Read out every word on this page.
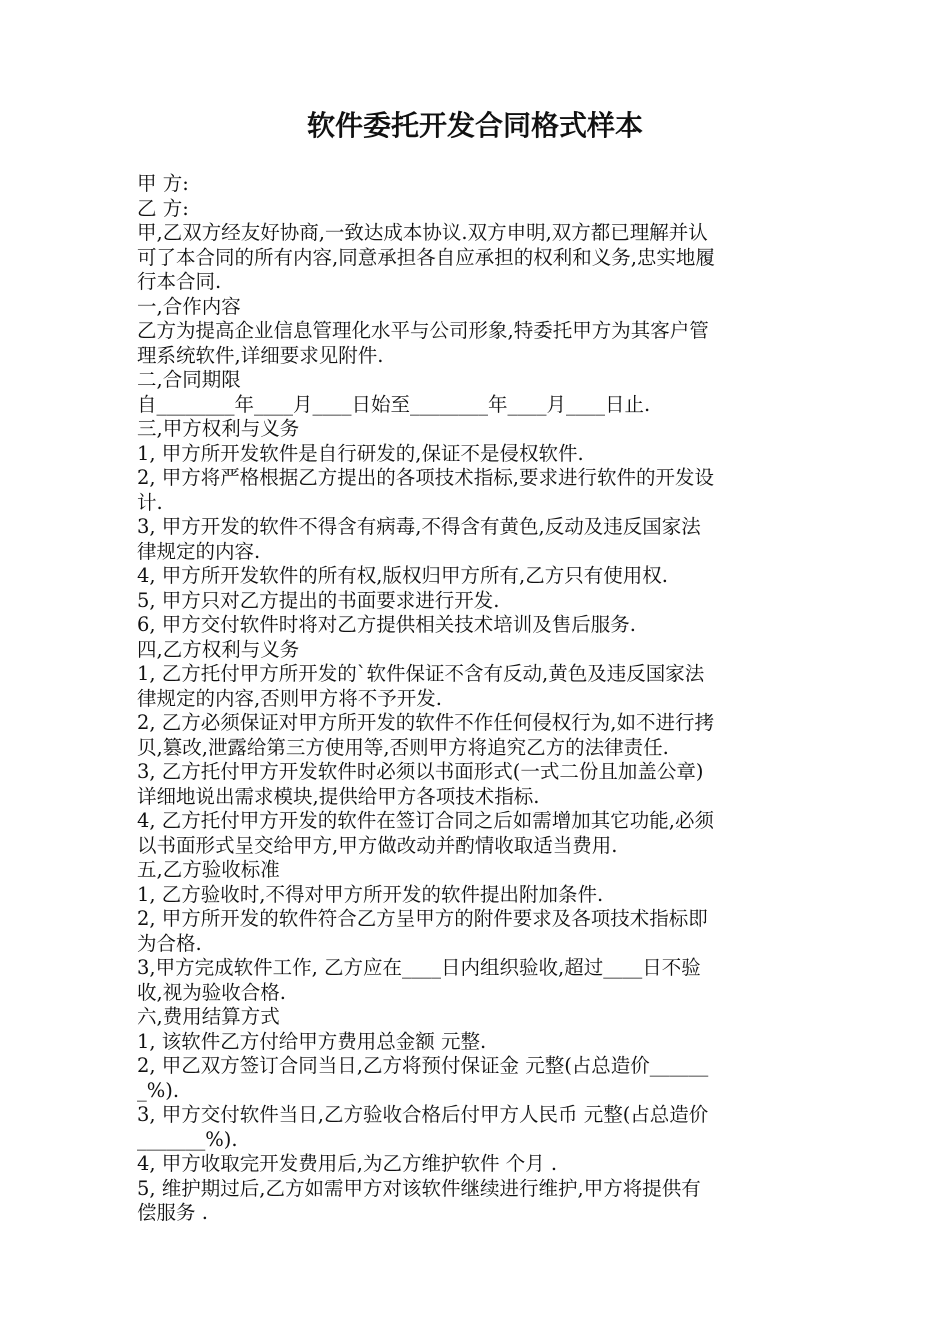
软件委托开发合同格式样本

甲 方:

乙 方:

甲,乙双方经友好协商,一致达成本协议.双方申明,双方都已理解并认

可了本合同的所有内容,同意承担各自应承担的权利和义务,忠实地履

行本合同.

一,合作内容

乙方为提高企业信息管理化水平与公司形象,特委托甲方为其客户管

理系统软件,详细要求见附件.

二,合同期限

自________年____月____日始至________年____月____日止.

三,甲方权利与义务

1, 甲方所开发软件是自行研发的,保证不是侵权软件.

2, 甲方将严格根据乙方提出的各项技术指标,要求进行软件的开发设

计.

3, 甲方开发的软件不得含有病毒,不得含有黄色,反动及违反国家法

律规定的内容.

4, 甲方所开发软件的所有权,版权归甲方所有,乙方只有使用权.

5, 甲方只对乙方提出的书面要求进行开发.

6, 甲方交付软件时将对乙方提供相关技术培训及售后服务.

四,乙方权利与义务

1, 乙方托付甲方所开发的`软件保证不含有反动,黄色及违反国家法

律规定的内容,否则甲方将不予开发.

2, 乙方必须保证对甲方所开发的软件不作任何侵权行为,如不进行拷

贝,篡改,泄露给第三方使用等,否则甲方将追究乙方的法律责任.

3, 乙方托付甲方开发软件时必须以书面形式(一式二份且加盖公章)

详细地说出需求模块,提供给甲方各项技术指标.

4, 乙方托付甲方开发的软件在签订合同之后如需增加其它功能,必须

以书面形式呈交给甲方,甲方做改动并酌情收取适当费用.

五,乙方验收标准

1, 乙方验收时,不得对甲方所开发的软件提出附加条件.

2, 甲方所开发的软件符合乙方呈甲方的附件要求及各项技术指标即

为合格.

3,甲方完成软件工作, 乙方应在____日内组织验收,超过____日不验

收,视为验收合格.

六,费用结算方式

1, 该软件乙方付给甲方费用总金额 元整.

2, 甲乙双方签订合同当日,乙方将预付保证金 元整(占总造价______

_%).

3, 甲方交付软件当日,乙方验收合格后付甲方人民币 元整(占总造价

_______%).

4, 甲方收取完开发费用后,为乙方维护软件 个月 .

5, 维护期过后,乙方如需甲方对该软件继续进行维护,甲方将提供有

偿服务 .
